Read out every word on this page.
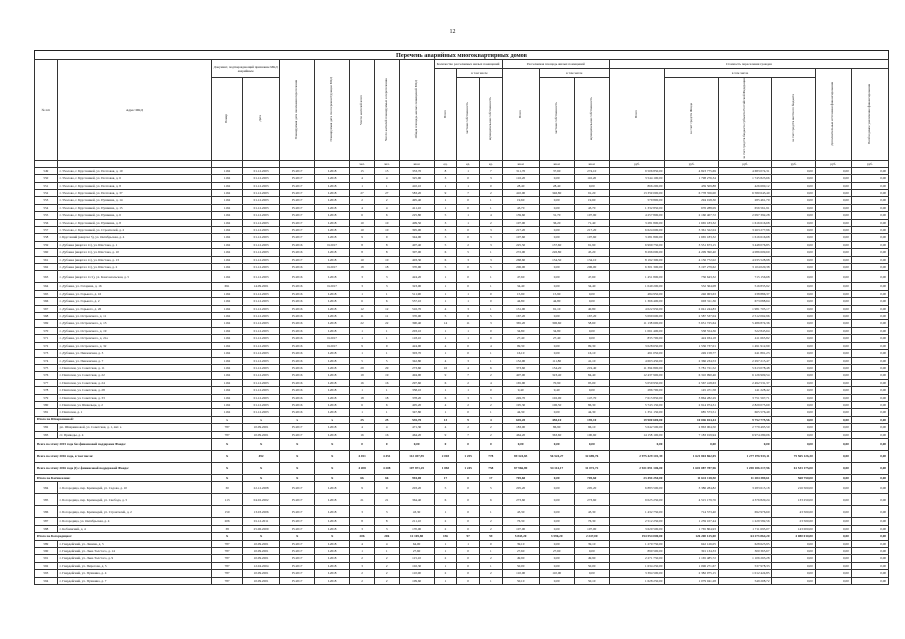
12
Перечень аварийных многоквартирных домов
№ п/п	Адрес МКД	Документ, подтверждающий признание МКД аварийным		Планируемая дата окончания переселения	Планируемая дата сноса/реконструкции МКД	Число жителей всего	Число жителей планируемых к переселению	Общая площадь жилых помещений МКД	Количество расселяемых жилых помещений			Расселяемая площадь жилых помещений			Стоимость переселения граждан					
									Всего	в том числе		Всего	в том числе		Всего	в том числе			Дополнительные источники финансирования	Необходимое увеличение финансирования
		Номер	Дата							частная собственность	муниципальная собственность		частная собственность	муниципальная собственность		за счет средств Фонда	за счет средств бюджета субъекта Российской Федерации	за счет средств местного бюджета		
						чел.	чел.	кв.м	ед.	ед.	ед.	кв.м	кв.м	кв.м	руб.	руб.	руб.	руб.	руб.	руб.
549	г. Ухолово, г. Брусланией, ул. Почтовая, д. 10	1162	01.12.2003	IV.2017	I.2018	15	15	333,70	8	1	7	311,70	37,60	274,10	9 506 850,00	4 823 775,69	4 683 074,31	0,00	0,00	0,00
550	г. Ухолово, г. Брусланией, ул. Почтовая, д. 6	1162	01.12.2003	IV.2017	I.2018	4	4	325,90	3	0	3	116,20	0,00	116,20	3 544 100,00	1 798 276,34	1 745 823,66	0,00	0,00	0,00
551	г. Ухолово, г. Брусланией, ул. Почтовая, д. 8	1162	01.12.2003	IV.2017	I.2018	1	1	410,10	1	1	0	28,40	28,40	0,00	866 200,00	439 509,88	426 690,12	0,00	0,00	0,00
552	г. Ухолово, г. Брусланией, ул. Почтовая, д. 37	1162	01.12.2003	IV.2017	I.2018	27	27	583,20	9	7	2	410,00	346,80	91,20	13 359 000,00	6 778 356,00	6 580 643,40	0,00	0,00	0,00
553	г. Ухолово, г. Брусланией, ул. Пушкина, д. 14	1162	01.12.2003	IV.2017	I.2018	2	2	495,40	1	0	1	19,60	0,00	19,60	579 800,00	294 018,30	285 461,70	0,00	0,00	0,00
554	г. Ухолово, г. Брусланией, ул. Пушкина, д. 15	1162	01.12.2003	IV.2017	I.2018	4	4	411,10	1	0	1	43,70	0,00	43,70	1 332 850,00	676 288,09	656 561,91	0,00	0,00	0,00
555	г. Ухолово, г. Брусланией, ул. Пушкина, д. 6	1162	01.12.2003	IV.2017	I.2018	6	6	225,80	5	1	4	139,60	31,70	107,90	4 257 800,00	2 160 407,72	2 097 392,28	0,00	0,00	0,00
556	г. Ухолово, г. Брусланией, ул. Пушкина, д. 8	1162	01.12.2003	IV.2017	I.2018	10	10	409,50	3	1	2	107,00	36,20	71,40	3 281 800,00	1 665 183,32	1 616 616,68	0,00	0,00	0,00
557	г. Ухолово, г. Брусланией, ул. Строителей, д. 2	1162	01.12.2003	IV.2017	I.2018	10	10	395,00	3	0	3	217,20	0,00	217,20	6 624 600,00	3 361 322,04	3 263 277,96	0,00	0,00	0,00
558	г. Брусланий (квартал 5), ул. Октябрьская, д. 4	1162	01.12.2003	IV.2017	I.2018	9	9	344,00	3	0	3	107,60	0,00	107,60	3 281 800,00	1 665 183,32	1 616 616,68	0,00	0,00	0,00
559	г. Дубовка (квартал 11), ул. Шестака, д. 1	1162	01.12.2003	IV.2016	II.2017	8	8	407,40	5	2	3	225,50	137,60	91,90	6 999 750,00	3 551 673,15	3 448 076,85	0,00	0,00	0,00
560	г. Дубовка (квартал 11), ул. Шестака, д. 10	1162	01.12.2003	IV.2016	I.2018	8	8	307,00	6	5	1	272,00	226,80	45,20	8 296 000,00	4 209 390,40	4 086 609,60	0,00	0,00	0,00
561	г. Дубовка (квартал 11), ул. Шестака, д. 13	1162	01.12.2003	IV.2017	I.2018	10	10	403,30	6	3	3	268,60	134,50	134,10	8 192 300,00	4 156 772,02	4 035 528,98	0,00	0,00	0,00
562	г. Дубовка (квартал 11), ул. Шестака, д. 2	1162	01.12.2003	IV.2016	II.2017	18	18	370,90	5	0	5	206,00	0,00	206,00	6 301 300,00	3 197 279,62	3 104 020,38	0,00	0,00	0,00
563	г. Дубовка (квартал 11/1), ул. Комсомольская, д. 5	1162	01.12.2003	IV.2016	I.2018	3	3	424,20	1	0	1	47,60	0,00	47,60	1 451 800,00	736 643,32	715 156,68	0,00	0,00	0,00
564	г. Дубовка, ул. Гагарина, д. 16	691	14.09.2001	IV.2016	II.2017	3	3	323,00	1	0	1	34,40	0,00	34,40	1 049 200,00	532 364,08	516 835,92	0,00	0,00	0,00
565	г. Дубовка, ул. Горького, д. 16	1162	01.12.2003	IV.2016	I.2018	1	1	511,90	1	1	0	15,90	15,90	0,00	484 950,00	246 063,63	238 886,37	0,00	0,00	0,00
566	г. Дубовка, ул. Горького, д. 2	1162	01.12.2003	IV.2016	I.2018	6	6	557,10	1	1	0	44,80	44,80	0,00	1 366 400,00	693 311,36	673 088,64	0,00	0,00	0,00
567	г. Дубовка, ул. Горького, д. 26	1162	01.12.2003	IV.2016	I.2018	12	12	516,70	4	3	1	131,90	91,10	40,80	4 022 950,00	2 041 244,83	1 981 705,17	0,00	0,00	0,00
568	г. Дубовка, ул. Островского, д. 11	1162	01.12.2003	IV.2016	I.2018	11	11	370,00	5	0	5	167,20	0,00	167,20	5 099 600,00	2 587 537,04	2 512 062,96	0,00	0,00	0,00
569	г. Дубовка, ул. Островского, д. 13	1162	01.12.2003	IV.2016	I.2018	22	22	390,40	14	11	3	365,20	306,60	58,60	11 138 600,00	5 651 725,64	5 486 874,36	0,00	0,00	0,00
570	г. Дубовка, ул. Островского, д. 19	1162	01.12.2003	IV.2016	I.2018	1	1	203,10	1	1	0	34,80	34,80	0,00	1 061 400,00	538 554,36	522 845,64	0,00	0,00	0,00
571	г. Дубовка, ул. Островского, д. 21а	1162	01.12.2003	IV.2016	II.2017	1	1	118,10	1	1	0	27,40	27,40	0,00	835 700,00	424 034,18	411 665,82	0,00	0,00	0,00
572	г. Дубовка, ул. Островского, д. 32	1162	01.12.2003	IV.2016	II.2017	9	9	424,90	4	0	4	99,30	0,00	99,30	3 028 650,00	1 536 737,01	1 491 912,99	0,00	0,00	0,00
573	г. Дубовка, ул. Пензенская, д. 3	1162	01.12.2003	IV.2016	I.2018	1	1	303,70	1	0	1	16,10	0,00	16,10	491 050,00	249 158,77	241 891,23	0,00	0,00	0,00
574	г. Дубовка, ул. Пензенская, д. 7	1162	01.12.2003	IV.2016	I.2018	5	5	342,80	4	3	1	152,90	111,80	41,10	4 663 450,00	2 366 234,53	2 297 215,47	0,00	0,00	0,00
575	г. Пантелеи, ул. Советская, д. 11	1162	01.12.2003	IV.2016	I.2018	29	29	273,60	10	4	6	373,60	154,20	219,40	11 394 800,00	5 781 721,52	5 613 078,48	0,00	0,00	0,00
576	г. Пантелеи, ул. Советская, д. 22	1162	01.12.2003	IV.2016	I.2018	19	19	494,90	9	7	2	407,00	323,40	84,40	12 437 900,00	6 310 990,46	6 126 909,54	0,00	0,00	0,00
577	г. Пантелеи, ул. Советская, д. 24	1162	01.12.2003	IV.2016	I.2018	16	16	297,60	6	2	4	165,90	70,90	95,00	5 059 950,00	2 567 418,63	2 492 531,37	0,00	0,00	0,00
578	г. Пантелеи, ул. Советская, д. 28	1162	01.12.2003	IV.2016	I.2018	1	1	358,10	1	1	0	9,40	9,40	0,00	286 700,00	145 471,58	141 228,42	0,00	0,00	0,00
579	г. Пантелеи, ул. Советская, д. 33	1162	01.12.2003	IV.2016	I.2018	18	18	378,20	6	3	3	249,70	102,00	147,70	7 615 850,00	3 864 282,29	3 751 567,71	0,00	0,00	0,00
580	г. Пантелеи, ул. Шевальце, д. 2	1162	01.12.2003	IV.2016	I.2018	6	6	405,20	4	2	2	195,30	106,50	86,30	5 743 150,00	2 914 074,31	2 829 075,69	0,00	0,00	0,00
581	г. Пантелеи, д. 1	1162	01.12.2003	IV.2016	I.2018	1	1	347,80	1	0	1	44,30	0,00	44,30	1 351 150,00	685 573,51	665 576,49	0,00	0,00	0,00
Итого по Шпаркиновой:		x	x	x	x	25	25	535,70	13	9	4	645,20	450,10	195,10	19 900 600,00	10 046 024,44	9 752 775,56	0,00	0,00	0,00
582	рп. Шпаркиновой, ул. Советская, д. 1, лит. а	787	10.09.2001	IV.2017	I.2018	4	4	471,30	4	2	2	183,00	86,90	96,10	5 642 500,00	2 863 004,50	2 779 495,50	0,00	0,00	0,00
583	ст. Приводы, д. 4	787	10.09.2001	IV.2017	I.2018	16	16	464,20	9	7	2	464,20	363,60	100,60	14 158 100,00	7 183 019,94	6 974 280,06	0,00	0,00	0,00
Всего по этапу 2015 года без финансовой поддержки Фонда:		X	X	X	X	0	0	0,00	0	0	0	0,00	0,00	0,00	0,00	0,00	0,00	0,00	0,00	0,00
Всего по этапу 2016 года, в том числе:		X	492	X	X	4 451	4 451	112 457,59	2 003	1 255	778	89 324,83	56 524,27	32 689,76	2 975 429 101,39	1 621 804 862,05	1 277 076 933,11	75 565 126,30	0,00	0,00
Всего по этапу 2016 года (I) с финансовой поддержкой Фонда:		X	X	X	X	4 208	4 208	107 871,25	1 883	1 245	758	87 966,89	54 114,17	31 072,72	2 921 091 106,00	1 601 087 787,96	1 258 186 217,96	61 533 175,00	0,00	0,00
Итого по Бахчиселию:		X	X	X	X	66	66	994,00	17	0	17	705,60	0,00	705,60	23 494 250,00	11 641 118,50	11 284 389,61	568 750,00	0,00	0,00
584	г. Богородица, пер. Кремнедей, ул. Садова, д. 10	30	22.12.2008	IV.2017	I.2018	9	9	203,20	5	0	5	205,20	0,00	205,20	6 883 500,00	3 386 284,82	3 283 615,18	216 500,00	0,00	0,00
585	г. Богородица, пер. Кремнедей, ул. Свобода, д. 5	113	04.02.2002	IV.2017	I.2018	21	21	364,40	6	0	6	273,60	0,00	273,60	9 025 250,00	4 515 179,76	4 376 820,24	133 250,00	0,00	0,00
586	г. Богородица, пер. Кремнедей, ул. Строителей, д. 2	150	13.03.2006	IV.2017	I.2018	3	3	43,30	1	0	1	43,30	0,00	43,30	1 432 750,00	714 573,40	692 976,60	43 500,00	0,00	0,00
587	г. Богородица, ул. Октябрьская, д. 4	206	01.12.2011	IV.2017	I.2018	8	8	211,10	2	0	2	76,30	0,00	76,30	2 512 250,00	1 259 107,44	1 229 582,56	23 500,00	0,00	0,00
588	г. Кобзинский, д. 4	38	25.06.2009	IV.2017	I.2018	3	3	170,00	2	0	2	107,00	0,00	107,00	3 620 500,00	1 765 804,93	1 711 695,07	143 000,00	0,00	0,00
Итого по Богородицам:		X	X	X	X	206	206	12 105,80	156	97	59	5 843,20	3 596,20	2 247,00	194 554 000,00	126 200 125,00	64 273 864,20	4 080 010,80	0,00	0,00
589	г. Гвардейский, ул. Ленина, д. 5	787	10.09.2001	IV.2017	I.2018	4	4	64,00	1	1	0	39,10	0,00	39,10	1 270 750,00	642 126,05	628 623,95	0,00	0,00	0,00
590	г. Гвардейский, ул. Льва Толстого, д. 14	787	10.09.2001	IV.2017	I.2018	1	1	27,60	1	0	1	27,60	27,60	0,00	890 500,00	391 134,33	300 365,67	0,00	0,00	0,00
591	г. Гвардейский, ул. Льва Толстого, д. 9	787	10.09.2001	IV.2017	I.2018	2	2	115,10	2	0	2	49,90	0,00	49,90	2 271 750,00	1 165 485,72	1 106 263,28	0,00	0,00	0,00
592	г. Гвардейский, ул. Пирогова, д. 5	787	12.04.2004	IV.2017	I.2018	3	2	102,30	1	0	1	50,00	0,00	50,00	1 634 250,00	1 096 271,67	537 978,33	0,00	0,00	0,00
593	г. Гвардейский, ул. Пушкина, д. 4	787	10.09.2001	IV.2017	I.2018	2	2	110,00	2	0	2	110,00	110,00	0,00	3 394 500,00	2 382 075,15	1 012 424,85	0,00	0,00	0,00
594	г. Гвардейский, ул. Пушкина, д. 7	787	10.09.2001	IV.2017	I.2018	2	2	109,60	1	0	1	50,10	0,00	50,10	1 628 250,00	1 079 041,28	549 208,72	0,00	0,00	0,00
